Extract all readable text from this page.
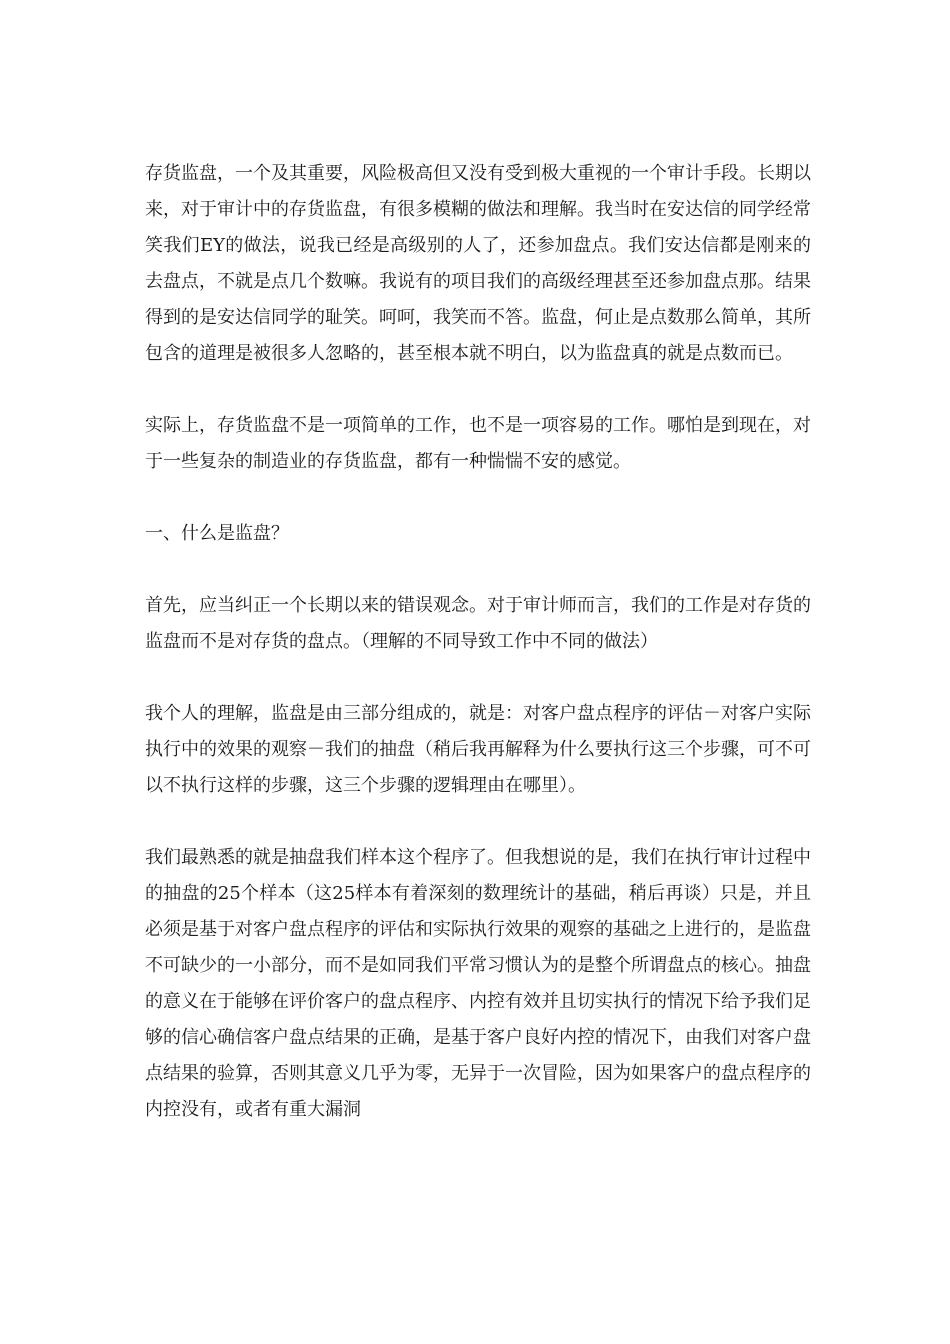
存货监盘，一个及其重要，风险极高但又没有受到极大重视的一个审计手段。长期以来，对于审计中的存货监盘，有很多模糊的做法和理解。我当时在安达信的同学经常笑我们EY的做法，说我已经是高级别的人了，还参加盘点。我们安达信都是刚来的去盘点，不就是点几个数嘛。我说有的项目我们的高级经理甚至还参加盘点那。结果得到的是安达信同学的耻笑。呵呵，我笑而不答。监盘，何止是点数那么简单，其所包含的道理是被很多人忽略的，甚至根本就不明白，以为监盘真的就是点数而已。

实际上，存货监盘不是一项简单的工作，也不是一项容易的工作。哪怕是到现在，对于一些复杂的制造业的存货监盘，都有一种惴惴不安的感觉。

一、什么是监盘？

首先，应当纠正一个长期以来的错误观念。对于审计师而言，我们的工作是对存货的监盘而不是对存货的盘点。（理解的不同导致工作中不同的做法）

我个人的理解，监盘是由三部分组成的，就是：对客户盘点程序的评估－对客户实际执行中的效果的观察－我们的抽盘（稍后我再解释为什么要执行这三个步骤，可不可以不执行这样的步骤，这三个步骤的逻辑理由在哪里）。

我们最熟悉的就是抽盘我们样本这个程序了。但我想说的是，我们在执行审计过程中的抽盘的25个样本（这25样本有着深刻的数理统计的基础，稍后再谈）只是，并且必须是基于对客户盘点程序的评估和实际执行效果的观察的基础之上进行的，是监盘不可缺少的一小部分，而不是如同我们平常习惯认为的是整个所谓盘点的核心。抽盘的意义在于能够在评价客户的盘点程序、内控有效并且切实执行的情况下给予我们足够的信心确信客户盘点结果的正确，是基于客户良好内控的情况下，由我们对客户盘点结果的验算，否则其意义几乎为零，无异于一次冒险，因为如果客户的盘点程序的内控没有，或者有重大漏洞
